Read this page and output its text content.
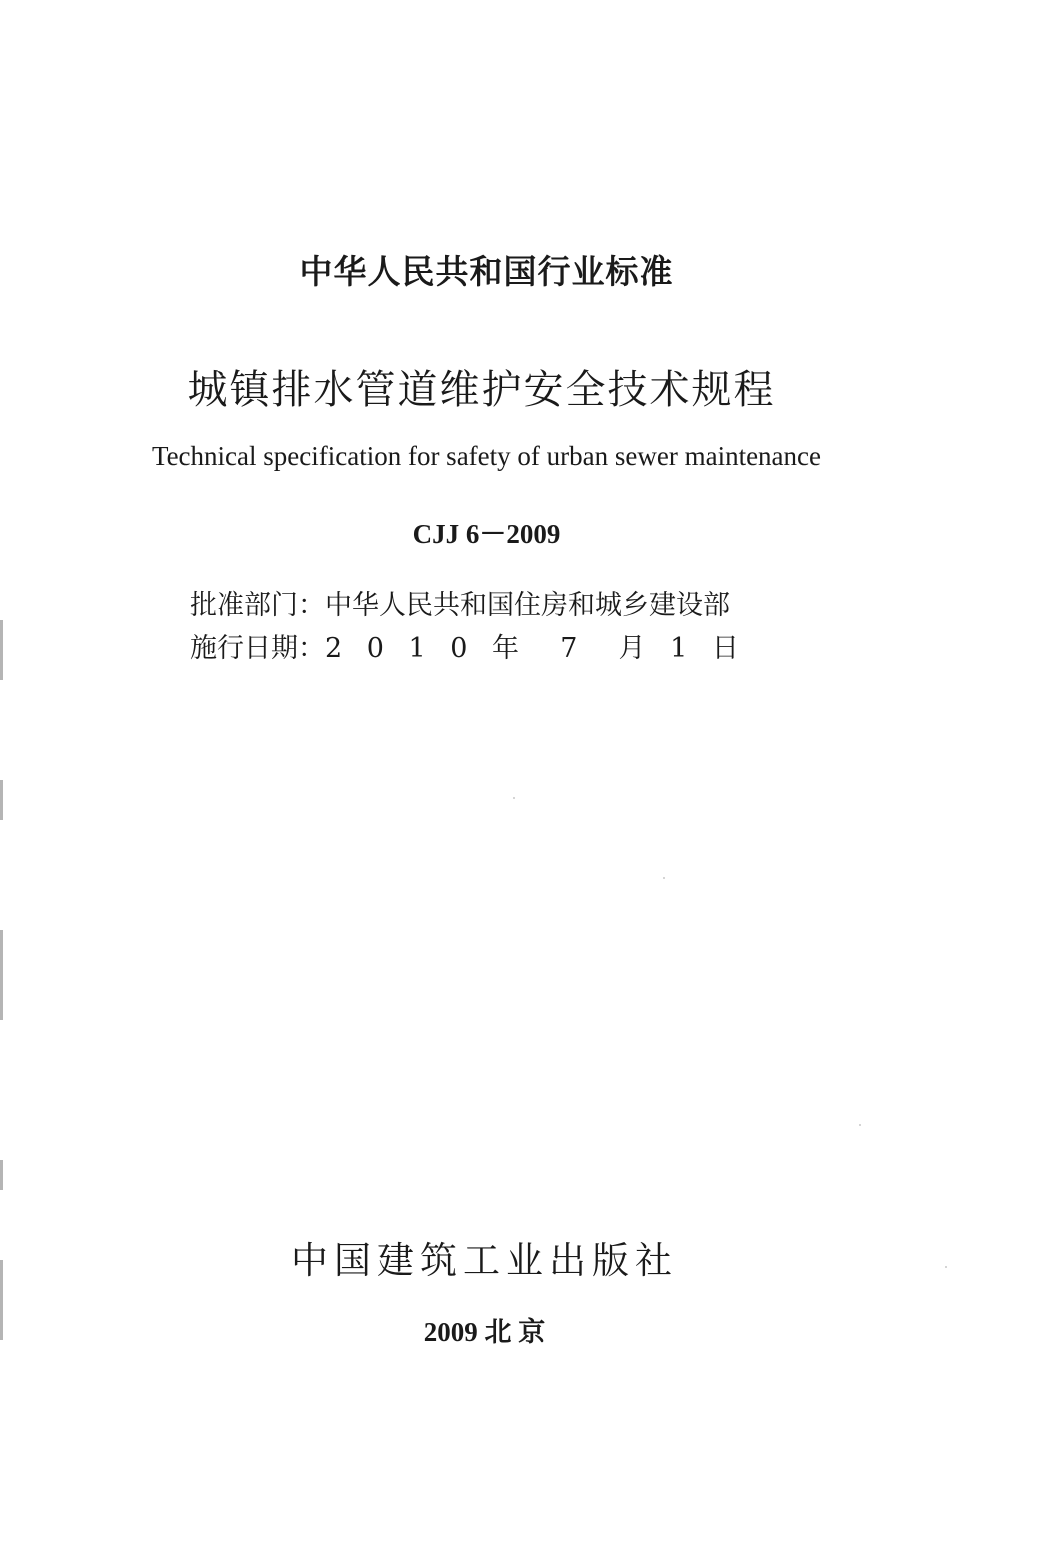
中华人民共和国行业标准
城镇排水管道维护安全技术规程
Technical specification for safety of urban sewer maintenance
CJJ 6－2009
批准部门：中华人民共和国住房和城乡建设部
施行日期：2 0 1 0 年  7  月 1 日
中国建筑工业出版社
2009 北 京
